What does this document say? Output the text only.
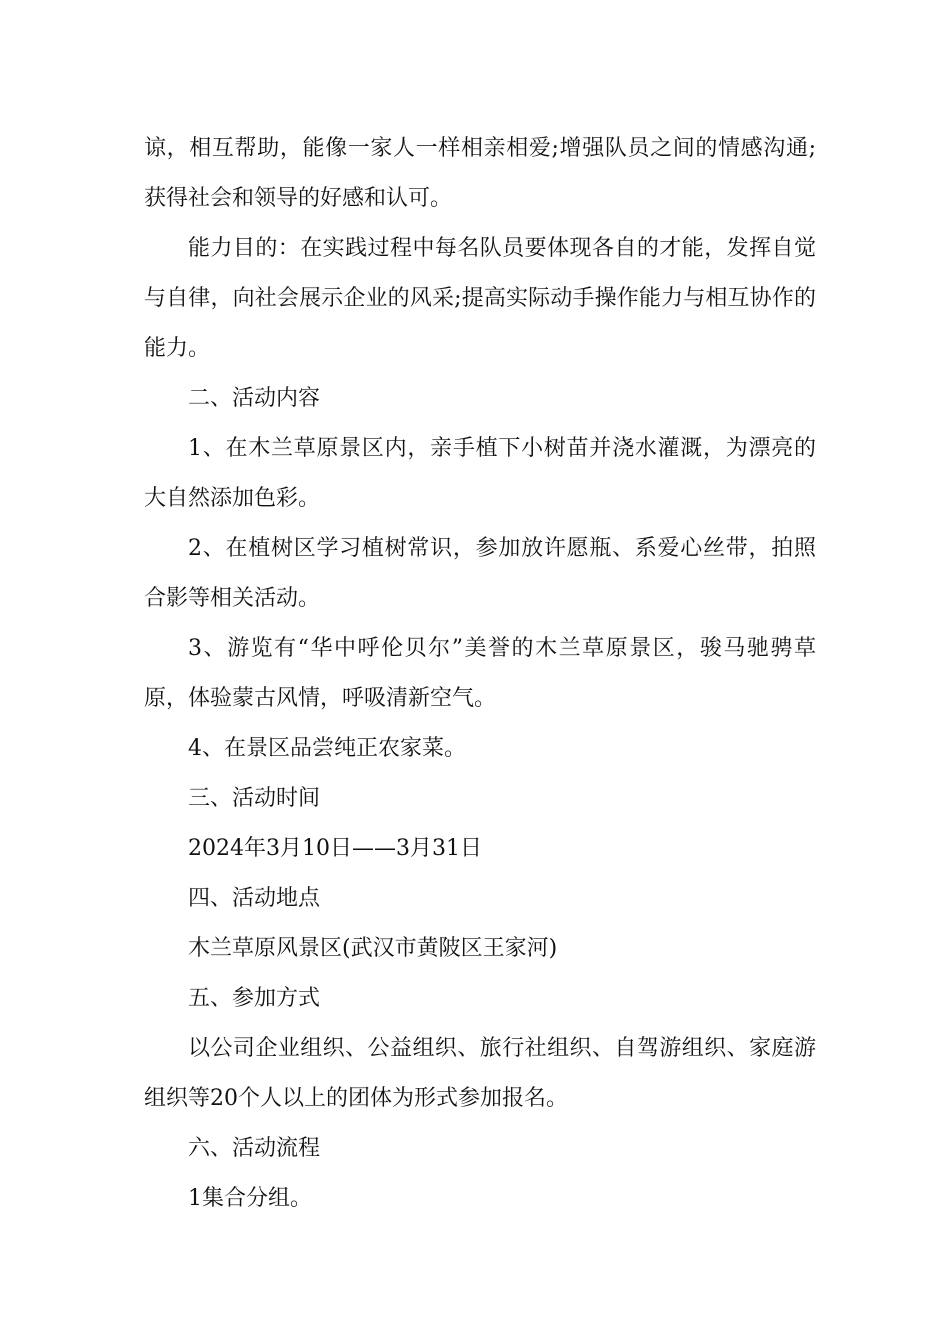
谅，相互帮助，能像一家人一样相亲相爱;增强队员之间的情感沟通;获得社会和领导的好感和认可。

能力目的：在实践过程中每名队员要体现各自的才能，发挥自觉与自律，向社会展示企业的风采;提高实际动手操作能力与相互协作的能力。

二、活动内容

1、在木兰草原景区内，亲手植下小树苗并浇水灌溉，为漂亮的大自然添加色彩。

2、在植树区学习植树常识，参加放许愿瓶、系爱心丝带，拍照合影等相关活动。

3、游览有“华中呼伦贝尔”美誉的木兰草原景区，骏马驰骋草原，体验蒙古风情，呼吸清新空气。

4、在景区品尝纯正农家菜。

三、活动时间

2024年3月10日——3月31日

四、活动地点

木兰草原风景区(武汉市黄陂区王家河)

五、参加方式

以公司企业组织、公益组织、旅行社组织、自驾游组织、家庭游组织等20个人以上的团体为形式参加报名。

六、活动流程

1集合分组。
